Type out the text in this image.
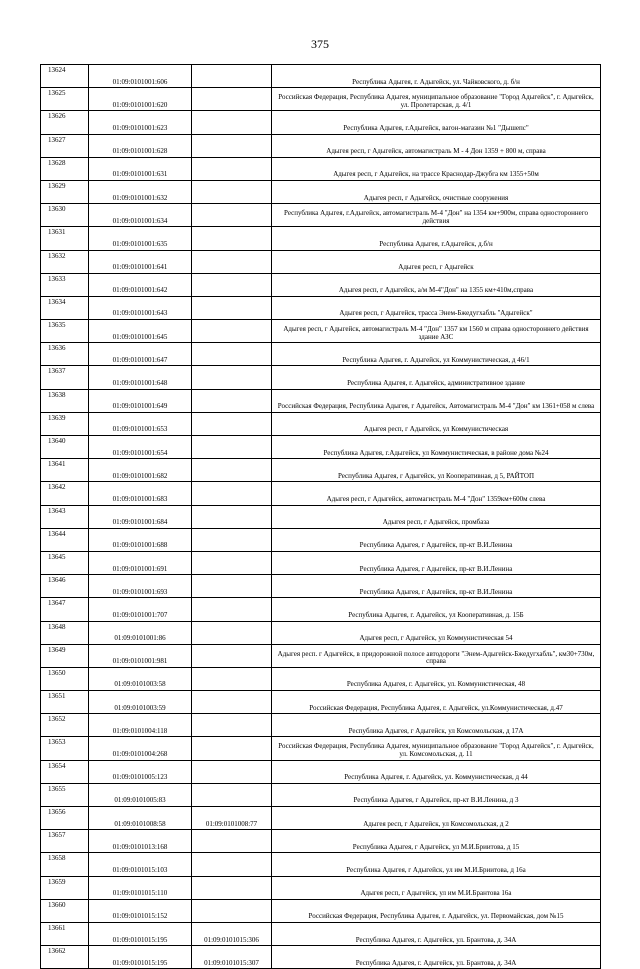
375
13624	01:09:0101001:606		Республика Адыгея, г. Адыгейск, ул. Чайковского, д. б/н
13625	01:09:0101001:620		Российская Федерация, Республика Адыгея, муниципальное образование "Город Адыгейск", г. Адыгейск, ул. Пролетарская, д. 4/1
13626	01:09:0101001:623		Республика Адыгея, г.Адыгейск, вагон-магазин №1 "Дышепс"
13627	01:09:0101001:628		Адыгея респ, г Адыгейск, автомагистраль М - 4 Дон 1359 + 800 м, справа
13628	01:09:0101001:631		Адыгея респ, г Адыгейск, на трассе Краснодар-Джубга км 1355+50м
13629	01:09:0101001:632		Адыгея респ, г Адыгейск, очистные сооружения
13630	01:09:0101001:634		Республика Адыгея, г.Адыгейск, автомагистраль М-4 "Дон" на 1354 км+900м, справа одностороннего действия
13631	01:09:0101001:635		Республика Адыгея, г.Адыгейск, д.б/н
13632	01:09:0101001:641		Адыгея респ, г Адыгейск
13633	01:09:0101001:642		Адыгея респ, г Адыгейск, а/м М-4"Дон" на 1355 км+410м,справа
13634	01:09:0101001:643		Адыгея респ, г Адыгейск, трасса Энем-Бжедугхабль "Адыгейск"
13635	01:09:0101001:645		Адыгея респ, г Адыгейск, автомагистраль М-4 "Дон" 1357 км 1560 м справа одностороннего действия здание АЗС
13636	01:09:0101001:647		Республика Адыгея, г. Адыгейск, ул Коммунистическая, д 46/1
13637	01:09:0101001:648		Республика Адыгея, г. Адыгейск, административное здание
13638	01:09:0101001:649		Российская Федерация, Республика Адыгея, г Адыгейск, Автомагистраль М-4 "Дон" км 1361+058 м слева
13639	01:09:0101001:653		Адыгея респ, г Адыгейск, ул Коммунистическая
13640	01:09:0101001:654		Республика Адыгея, г.Адыгейск, ул Коммунистическая, в районе дома №24
13641	01:09:0101001:682		Республика Адыгея, г Адыгейск, ул Кооперативная, д 5, РАЙТОП
13642	01:09:0101001:683		Адыгея респ, г Адыгейск, автомагистраль М-4 "Дон" 1359км+600м слева
13643	01:09:0101001:684		Адыгея респ, г Адыгейск, промбаза
13644	01:09:0101001:688		Республика Адыгея, г Адыгейск, пр-кт В.И.Ленина
13645	01:09:0101001:691		Республика Адыгея, г Адыгейск, пр-кт В.И.Ленина
13646	01:09:0101001:693		Республика Адыгея, г Адыгейск, пр-кт В.И.Ленина
13647	01:09:0101001:707		Республика Адыгея, г. Адыгейск, ул Кооперативная, д. 15Б
13648	01:09:0101001:86		Адыгея респ, г Адыгейск, ул Коммунистическая 54
13649	01:09:0101001:981		Адыгея респ. г Адыгейск, в придорожной полосе автодороги "Энем-Адыгейск-Бжедугхабль", км30+730м, справа
13650	01:09:0101003:58		Республика Адыгея, г. Адыгейск, ул. Коммунистическая, 48
13651	01:09:0101003:59		Российская Федерация, Республика Адыгея, г. Адыгейск, ул.Коммунистическая, д.47
13652	01:09:0101004:118		Республика Адыгея, г Адыгейск, ул Комсомольская, д 17А
13653	01:09:0101004:268		Российская Федерация, Республика Адыгея, муниципальное образование "Город Адыгейск", г. Адыгейск, ул. Комсомольская, д. 11
13654	01:09:0101005:123		Республика Адыгея, г. Адыгейск, ул. Коммунистическая, д 44
13655	01:09:0101005:83		Республика Адыгея, г Адыгейск, пр-кт В.И.Ленина, д 3
13656	01:09:0101008:58	01:09:0101008:77	Адыгея респ, г Адыгейск, ул Комсомольская, д 2
13657	01:09:0101013:168		Республика Адыгея, г Адыгейск, ул М.И.Бриитова, д 15
13658	01:09:0101015:103		Республика Адыгея, г Адыгейск, ул им М.И.Бриитова, д 16а
13659	01:09:0101015:110		Адыгея респ, г Адыгейск, ул им М.И.Брантова 16а
13660	01:09:0101015:152		Российская Федерация, Республика Адыгея, г. Адыгейск, ул. Первомайская, дом №15
13661	01:09:0101015:195	01:09:0101015:306	Республика Адыгея, г. Адыгейск, ул. Брантова, д. 34А
13662	01:09:0101015:195	01:09:0101015:307	Республика Адыгея, г. Адыгейск, ул. Брантова, д. 34А
